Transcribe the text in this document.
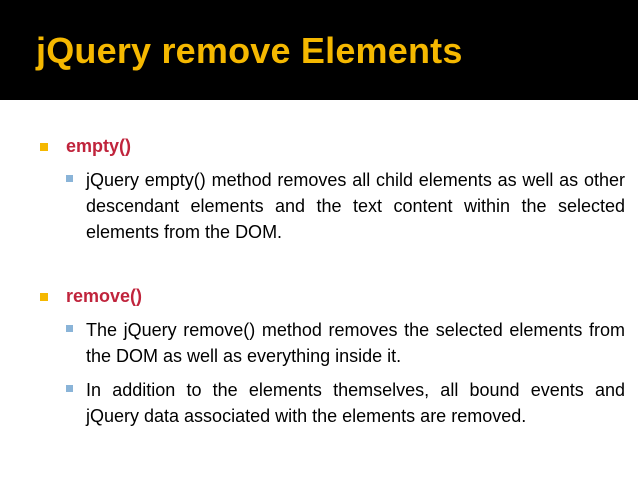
jQuery remove Elements
empty()
jQuery empty() method removes all child elements as well as other descendant elements and the text content within the selected elements from the DOM.
remove()
The jQuery remove() method removes the selected elements from the DOM as well as everything inside it.
In addition to the elements themselves, all bound events and jQuery data associated with the elements are removed.
